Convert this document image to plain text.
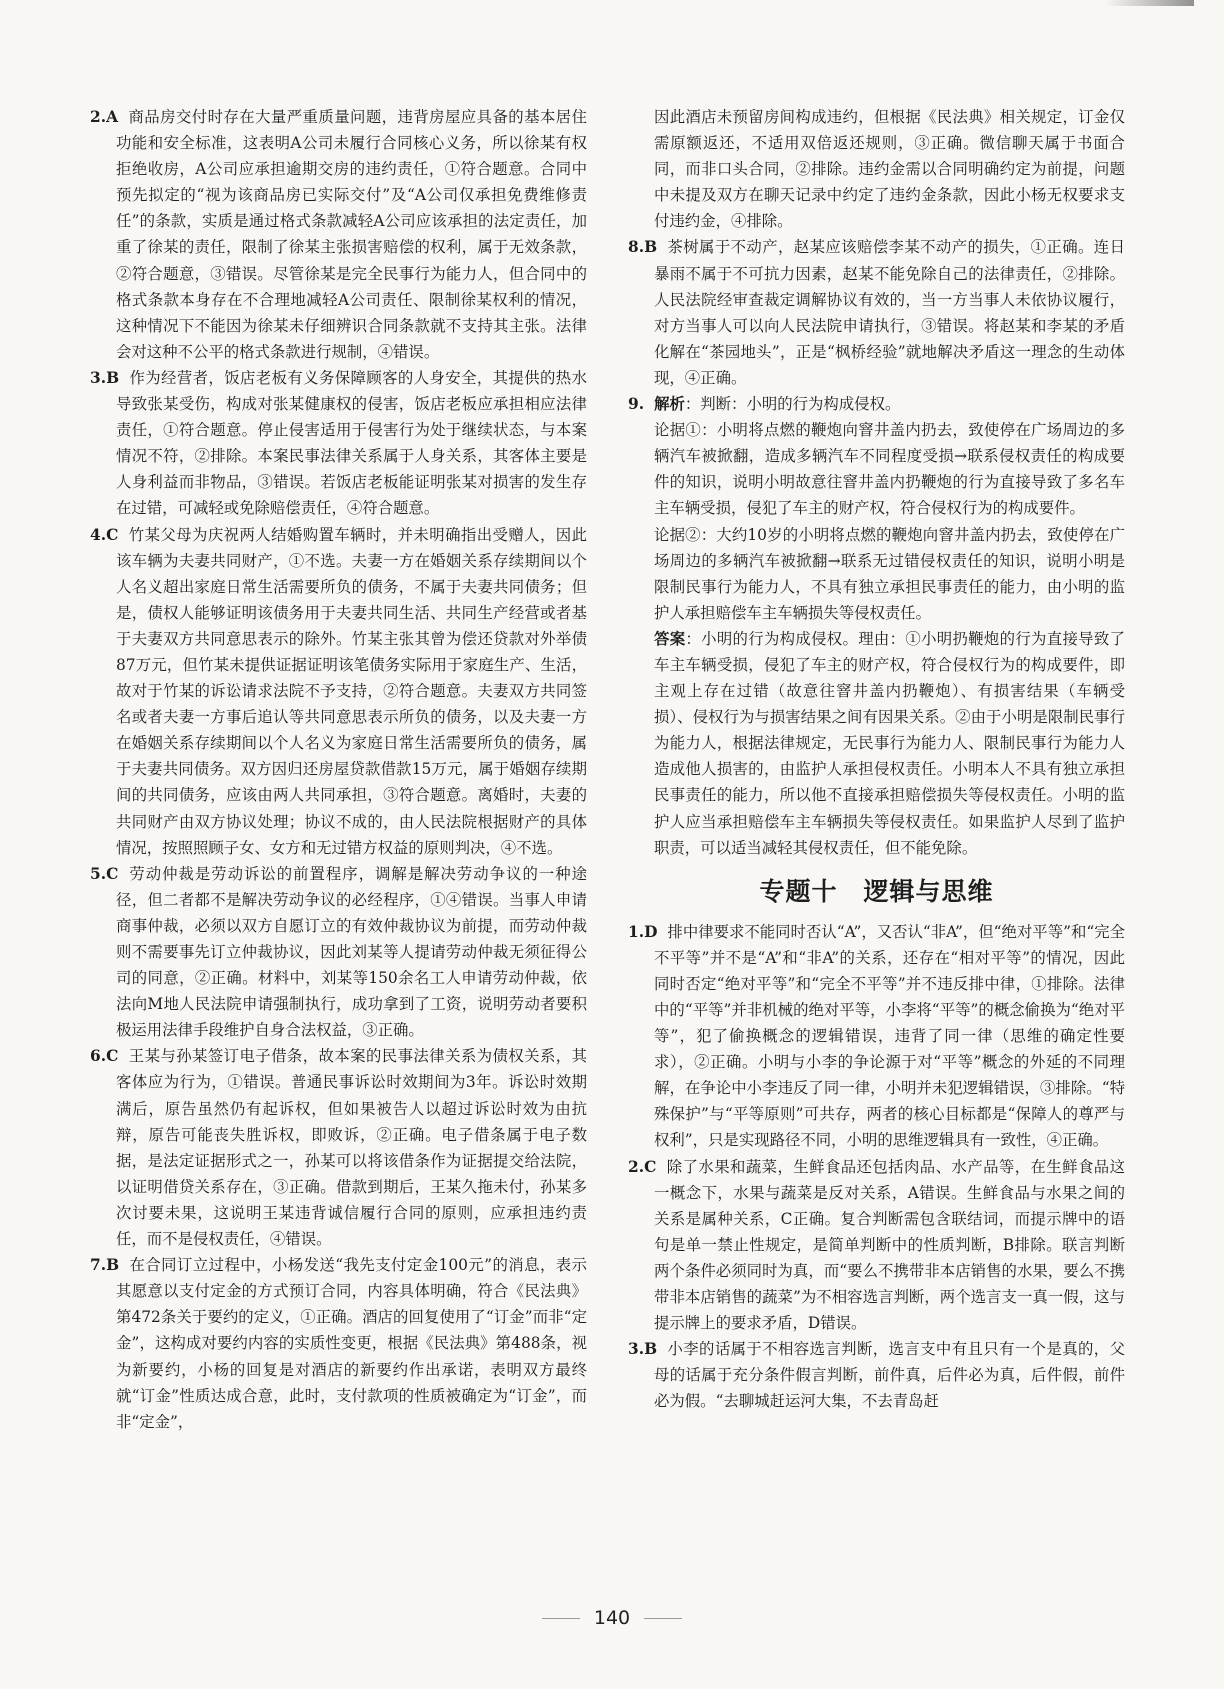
2.A 商品房交付时存在大量严重质量问题，违背房屋应具备的基本居住功能和安全标准，这表明A公司未履行合同核心义务，所以徐某有权拒绝收房，A公司应承担逾期交房的违约责任，①符合题意。合同中预先拟定的“视为该商品房已实际交付”及“A公司仅承担免费维修责任”的条款，实质是通过格式条款减轻A公司应该承担的法定责任，加重了徐某的责任，限制了徐某主张损害赔偿的权利，属于无效条款，②符合题意，③错误。尽管徐某是完全民事行为能力人，但合同中的格式条款本身存在不合理地减轻A公司责任、限制徐某权利的情况，这种情况下不能因为徐某未仔细辨识合同条款就不支持其主张。法律会对这种不公平的格式条款进行规制，④错误。

3.B 作为经营者，饭店老板有义务保障顾客的人身安全，其提供的热水导致张某受伤，构成对张某健康权的侵害，饭店老板应承担相应法律责任，①符合题意。停止侵害适用于侵害行为处于继续状态，与本案情况不符，②排除。本案民事法律关系属于人身关系，其客体主要是人身利益而非物品，③错误。若饭店老板能证明张某对损害的发生存在过错，可减轻或免除赔偿责任，④符合题意。

4.C 竹某父母为庆祝两人结婚购置车辆时，并未明确指出受赠人，因此该车辆为夫妻共同财产，①不选。夫妻一方在婚姻关系存续期间以个人名义超出家庭日常生活需要所负的债务，不属于夫妻共同债务；但是，债权人能够证明该债务用于夫妻共同生活、共同生产经营或者基于夫妻双方共同意思表示的除外。竹某主张其曾为偿还贷款对外举债87万元，但竹某未提供证据证明该笔债务实际用于家庭生产、生活，故对于竹某的诉讼请求法院不予支持，②符合题意。夫妻双方共同签名或者夫妻一方事后追认等共同意思表示所负的债务，以及夫妻一方在婚姻关系存续期间以个人名义为家庭日常生活需要所负的债务，属于夫妻共同债务。双方因归还房屋贷款借款15万元，属于婚姻存续期间的共同债务，应该由两人共同承担，③符合题意。离婚时，夫妻的共同财产由双方协议处理；协议不成的，由人民法院根据财产的具体情况，按照照顾子女、女方和无过错方权益的原则判决，④不选。

5.C 劳动仲裁是劳动诉讼的前置程序，调解是解决劳动争议的一种途径，但二者都不是解决劳动争议的必经程序，①④错误。当事人申请商事仲裁，必须以双方自愿订立的有效仲裁协议为前提，而劳动仲裁则不需要事先订立仲裁协议，因此刘某等人提请劳动仲裁无须征得公司的同意，②正确。材料中，刘某等150余名工人申请劳动仲裁，依法向M地人民法院申请强制执行，成功拿到了工资，说明劳动者要积极运用法律手段维护自身合法权益，③正确。

6.C 王某与孙某签订电子借条，故本案的民事法律关系为债权关系，其客体应为行为，①错误。普通民事诉讼时效期间为3年。诉讼时效期满后，原告虽然仍有起诉权，但如果被告人以超过诉讼时效为由抗辩，原告可能丧失胜诉权，即败诉，②正确。电子借条属于电子数据，是法定证据形式之一，孙某可以将该借条作为证据提交给法院，以证明借贷关系存在，③正确。借款到期后，王某久拖未付，孙某多次讨要未果，这说明王某违背诚信履行合同的原则，应承担违约责任，而不是侵权责任，④错误。

7.B 在合同订立过程中，小杨发送“我先支付定金100元”的消息，表示其愿意以支付定金的方式预订合同，内容具体明确，符合《民法典》第472条关于要约的定义，①正确。酒店的回复使用了“订金”而非“定金”，这构成对要约内容的实质性变更，根据《民法典》第488条，视为新要约，小杨的回复是对酒店的新要约作出承诺，表明双方最终就“订金”性质达成合意，此时，支付款项的性质被确定为“订金”，而非“定金”，

因此酒店未预留房间构成违约，但根据《民法典》相关规定，订金仅需原额返还，不适用双倍返还规则，③正确。微信聊天属于书面合同，而非口头合同，②排除。违约金需以合同明确约定为前提，问题中未提及双方在聊天记录中约定了违约金条款，因此小杨无权要求支付违约金，④排除。

8.B 茶树属于不动产，赵某应该赔偿李某不动产的损失，①正确。连日暴雨不属于不可抗力因素，赵某不能免除自己的法律责任，②排除。人民法院经审查裁定调解协议有效的，当一方当事人未依协议履行，对方当事人可以向人民法院申请执行，③错误。将赵某和李某的矛盾化解在“茶园地头”，正是“枫桥经验”就地解决矛盾这一理念的生动体现，④正确。

9. 解析：判断：小明的行为构成侵权。

论据①：小明将点燃的鞭炮向窨井盖内扔去，致使停在广场周边的多辆汽车被掀翻，造成多辆汽车不同程度受损→联系侵权责任的构成要件的知识，说明小明故意往窨井盖内扔鞭炮的行为直接导致了多名车主车辆受损，侵犯了车主的财产权，符合侵权行为的构成要件。

论据②：大约10岁的小明将点燃的鞭炮向窨井盖内扔去，致使停在广场周边的多辆汽车被掀翻→联系无过错侵权责任的知识，说明小明是限制民事行为能力人，不具有独立承担民事责任的能力，由小明的监护人承担赔偿车主车辆损失等侵权责任。

答案：小明的行为构成侵权。理由：①小明扔鞭炮的行为直接导致了车主车辆受损，侵犯了车主的财产权，符合侵权行为的构成要件，即主观上存在过错（故意往窨井盖内扔鞭炮）、有损害结果（车辆受损）、侵权行为与损害结果之间有因果关系。②由于小明是限制民事行为能力人，根据法律规定，无民事行为能力人、限制民事行为能力人造成他人损害的，由监护人承担侵权责任。小明本人不具有独立承担民事责任的能力，所以他不直接承担赔偿损失等侵权责任。小明的监护人应当承担赔偿车主车辆损失等侵权责任。如果监护人尽到了监护职责，可以适当减轻其侵权责任，但不能免除。

专题十　逻辑与思维

1.D 排中律要求不能同时否认“A”，又否认“非A”，但“绝对平等”和“完全不平等”并不是“A”和“非A”的关系，还存在“相对平等”的情况，因此同时否定“绝对平等”和“完全不平等”并不违反排中律，①排除。法律中的“平等”并非机械的绝对平等，小李将“平等”的概念偷换为“绝对平等”，犯了偷换概念的逻辑错误，违背了同一律（思维的确定性要求），②正确。小明与小李的争论源于对“平等”概念的外延的不同理解，在争论中小李违反了同一律，小明并未犯逻辑错误，③排除。“特殊保护”与“平等原则”可共存，两者的核心目标都是“保障人的尊严与权利”，只是实现路径不同，小明的思维逻辑具有一致性，④正确。

2.C 除了水果和蔬菜，生鲜食品还包括肉品、水产品等，在生鲜食品这一概念下，水果与蔬菜是反对关系，A错误。生鲜食品与水果之间的关系是属种关系，C正确。复合判断需包含联结词，而提示牌中的语句是单一禁止性规定，是简单判断中的性质判断，B排除。联言判断两个条件必须同时为真，而“要么不携带非本店销售的水果，要么不携带非本店销售的蔬菜”为不相容选言判断，两个选言支一真一假，这与提示牌上的要求矛盾，D错误。

3.B 小李的话属于不相容选言判断，选言支中有且只有一个是真的，父母的话属于充分条件假言判断，前件真，后件必为真，后件假，前件必为假。“去聊城赶运河大集，不去青岛赶

140
